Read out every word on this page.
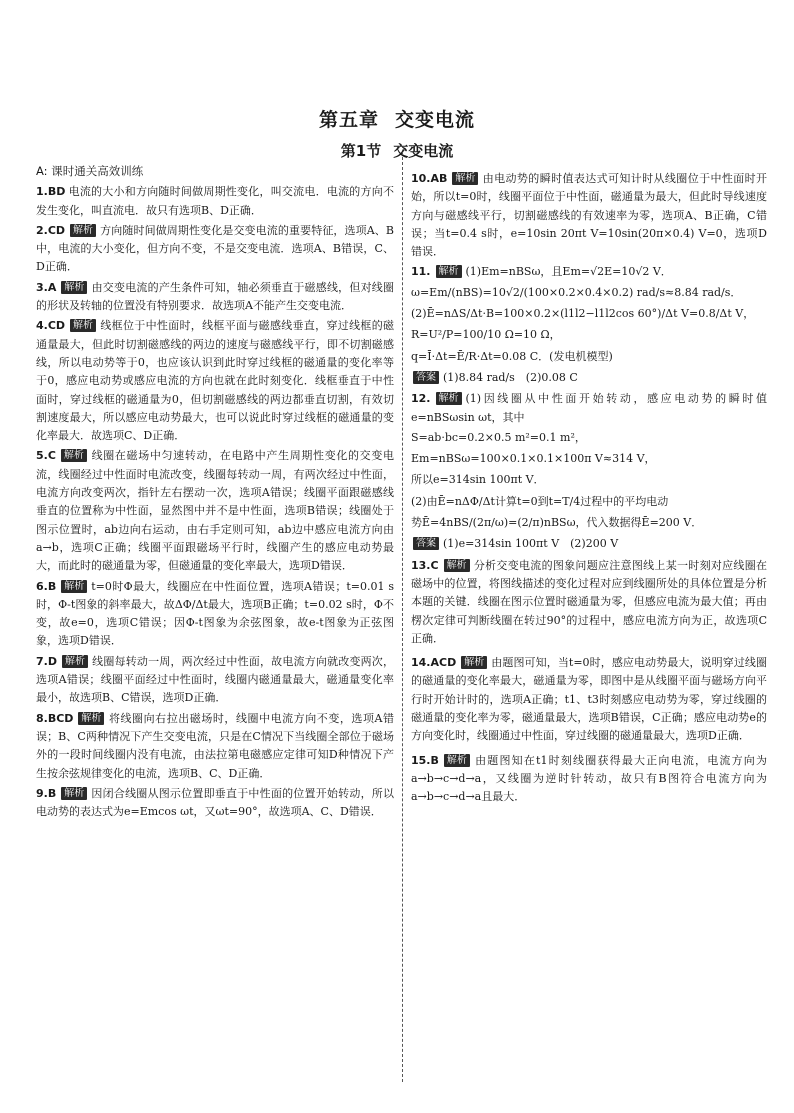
第五章 交变电流
第1节 交变电流
A: 课时通关高效训练
1.BD 电流的大小和方向随时间做周期性变化，叫交流电．电流的方向不发生变化，叫直流电．故只有选项B、D正确．
2.CD 解析 方向随时间做周期性变化是交变电流的重要特征，选项A、B中，电流的大小变化，但方向不变，不是交变电流．选项A、B错误，C、D正确．
3.A 解析 由交变电流的产生条件可知，轴必须垂直于磁感线，但对线圈的形状及转轴的位置没有特别要求．故选项A不能产生交变电流．
4.CD 解析 线框位于中性面时，线框平面与磁感线垂直，穿过线框的磁通量最大，但此时切割磁感线的两边的速度与磁感线平行，即不切割磁感线，所以电动势等于0，也应该认识到此时穿过线框的磁通量的变化率等于0，感应电动势或感应电流的方向也就在此时刻变化．线框垂直于中性面时，穿过线框的磁通量为0，但切割磁感线的两边都垂直切割，有效切割速度最大，所以感应电动势最大，也可以说此时穿过线框的磁通量的变化率最大．故选项C、D正确．
5.C 解析 线圈在磁场中匀速转动，在电路中产生周期性变化的交变电流，线圈经过中性面时电流改变，线圈每转动一周，有两次经过中性面，电流方向改变两次，指针左右摆动一次，选项A错误；线圈平面跟磁感线垂直的位置称为中性面，显然图中并不是中性面，选项B错误；线圈处于图示位置时，ab边向右运动，由右手定则可知，ab边中感应电流方向由a→b，选项C正确；线圈平面跟磁场平行时，线圈产生的感应电动势最大，而此时的磁通量为零，但磁通量的变化率最大，选项D错误．
6.B 解析 t=0时Φ最大，线圈应在中性面位置，选项A错误；t=0.01 s时，Φ-t图象的斜率最大，故ΔΦ/Δt最大，选项B正确；t=0.02 s时，Φ不变，故e=0，选项C错误；因Φ-t图象为余弦图象，故e-t图象为正弦图象，选项D错误．
7.D 解析 线圈每转动一周，两次经过中性面，故电流方向就改变两次，选项A错误；线圈平面经过中性面时，线圈内磁通量最大，磁通量变化率最小，故选项B、C错误，选项D正确．
8.BCD 解析 将线圈向右拉出磁场时，线圈中电流方向不变，选项A错误；B、C两种情况下产生交变电流，只是在C情况下当线圈全部位于磁场外的一段时间线圈内没有电流，由法拉第电磁感应定律可知D种情况下产生按余弦规律变化的电流，选项B、C、D正确．
9.B 解析 因闭合线圈从图示位置即垂直于中性面的位置开始转动，所以电动势的表达式为e=Emcos ωt，又ωt=90°，故选项A、C、D错误．
10.AB 解析 由电动势的瞬时值表达式可知计时从线圈位于中性面时开始，所以t=0时，线圈平面位于中性面，磁通量为最大，但此时导线速度方向与磁感线平行，切割磁感线的有效速率为零，选项A、B正确，C错误；当t=0.4 s时，e=10sin 20πt V=10sin(20π×0.4) V=0，选项D错误．
11. 解析 (1)Em=nBSω，且Em=√2E=10√2 V．
ω=Em/(nBS)=10√2/(100×0.2×0.4×0.2) rad/s≈8.84 rad/s．
(2)Ē=nΔS/Δt·B=100×0.2×(l1l2−l1l2cos 60°)/Δt V=0.8/Δt V，
R=U²/P=100/10 Ω=10 Ω，
q=Ī·Δt=Ē/R·Δt=0.08 C．(发电机模型)
答案 (1)8.84 rad/s　(2)0.08 C
12. 解析 (1)因线圈从中性面开始转动，感应电动势的瞬时值e=nBSωsin ωt，其中
S=ab·bc=0.2×0.5 m²=0.1 m²，
Em=nBSω=100×0.1×0.1×100π V≈314 V，
所以e=314sin 100πt V．
(2)由Ē=nΔΦ/Δt计算t=0到t=T/4过程中的平均电动
势Ē=4nBS/(2π/ω)=(2/π)nBSω，代入数据得Ē=200 V．
答案 (1)e=314sin 100πt V　(2)200 V
13.C 解析 分析交变电流的图象问题应注意图线上某一时刻对应线圈在磁场中的位置，将图线描述的变化过程对应到线圈所处的具体位置是分析本题的关键．线圈在图示位置时磁通量为零，但感应电流为最大值；再由楞次定律可判断线圈在转过90°的过程中，感应电流方向为正，故选项C正确．
14.ACD 解析 由题图可知，当t=0时，感应电动势最大，说明穿过线圈的磁通量的变化率最大，磁通量为零，即图中是从线圈平面与磁场方向平行时开始计时的，选项A正确；t1、t3时刻感应电动势为零，穿过线圈的磁通量的变化率为零，磁通量最大，选项B错误，C正确；感应电动势e的方向变化时，线圈通过中性面，穿过线圈的磁通量最大，选项D正确．
15.B 解析 由题图知在t1时刻线圈获得最大正向电流，电流方向为a→b→c→d→a，又线圈为逆时针转动，故只有B图符合电流方向为a→b→c→d→a且最大．
